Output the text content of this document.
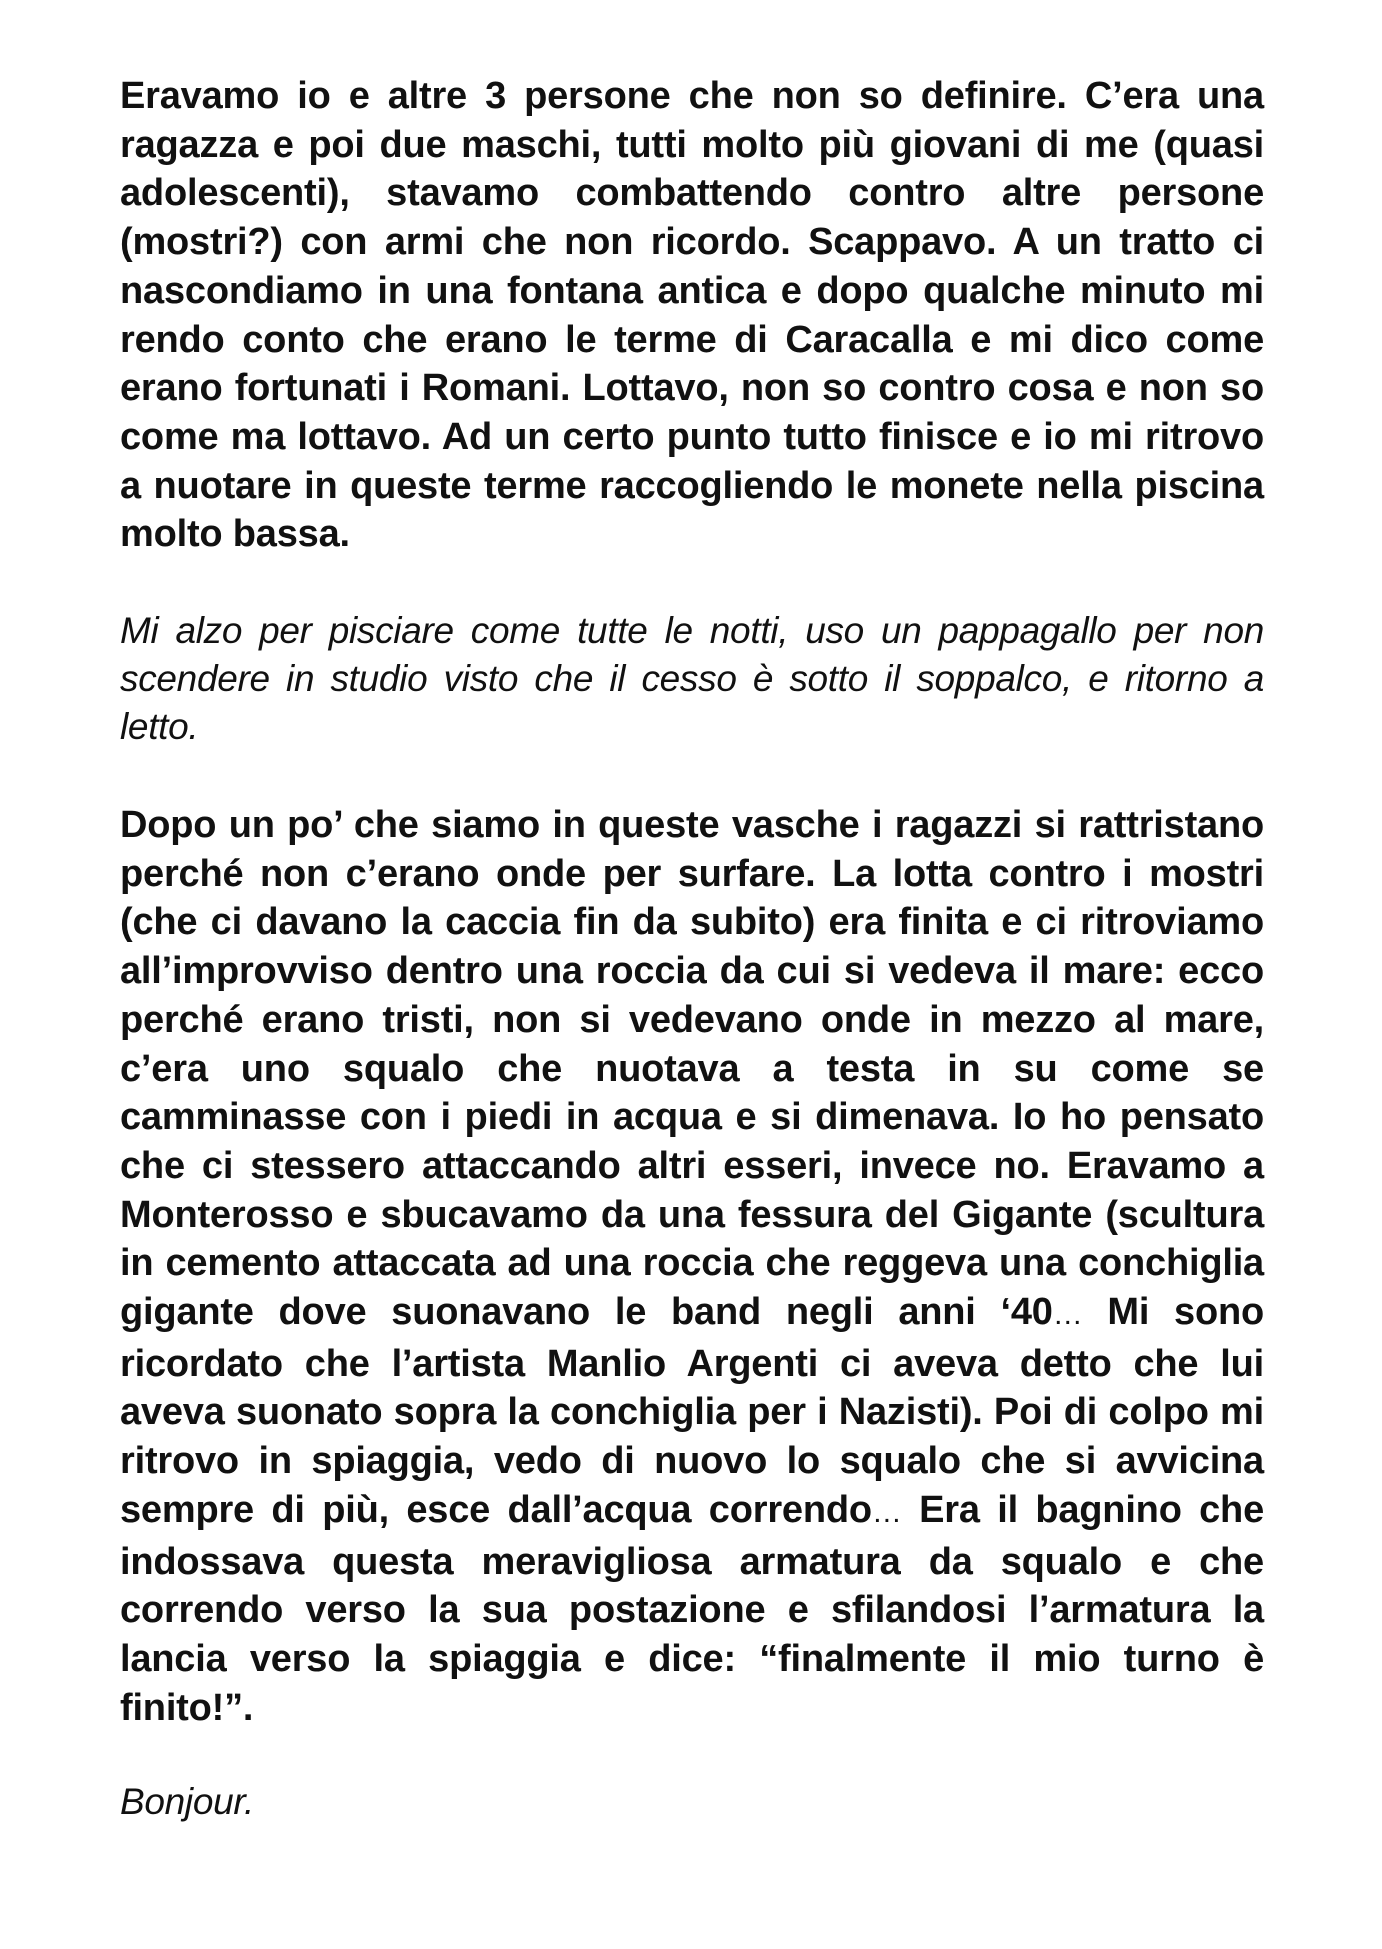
Eravamo io e altre 3 persone che non so definire. C’era una ragazza e poi due maschi, tutti molto più giovani di me (quasi adolescenti), stavamo combattendo contro altre persone (mostri?) con armi che non ricordo. Scappavo. A un tratto ci nascondiamo in una fontana antica e dopo qualche minuto mi rendo conto che erano le terme di Caracalla e mi dico come erano fortunati i Romani. Lottavo, non so contro cosa e non so come ma lottavo. Ad un certo punto tutto finisce e io mi ritrovo a nuotare in queste terme raccogliendo le monete nella piscina molto bassa.

Mi alzo per pisciare come tutte le notti, uso un pappagallo per non scendere in studio visto che il cesso è sotto il soppalco, e ritorno a letto.

Dopo un po’ che siamo in queste vasche i ragazzi si rattristano perché non c’erano onde per surfare. La lotta contro i mostri (che ci davano la caccia fin da subito) era finita e ci ritroviamo all’improvviso dentro una roccia da cui si vedeva il mare: ecco perché erano tristi, non si vedevano onde in mezzo al mare, c’era uno squalo che nuotava a testa in su come se camminasse con i piedi in acqua e si dimenava. Io ho pensato che ci stessero attaccando altri esseri, invece no. Eravamo a Monterosso e sbucavamo da una fessura del Gigante (scultura in cemento attaccata ad una roccia che reggeva una conchiglia gigante dove suonavano le band negli anni ‘40… Mi sono ricordato che l’artista Manlio Argenti ci aveva detto che lui aveva suonato sopra la conchiglia per i Nazisti). Poi di colpo mi ritrovo in spiaggia, vedo di nuovo lo squalo che si avvicina sempre di più, esce dall’acqua correndo… Era il bagnino che indossava questa meravigliosa armatura da squalo e che correndo verso la sua postazione e sfilandosi l’armatura la lancia verso la spiaggia e dice: “finalmente il mio turno è finito!”.

Bonjour.
